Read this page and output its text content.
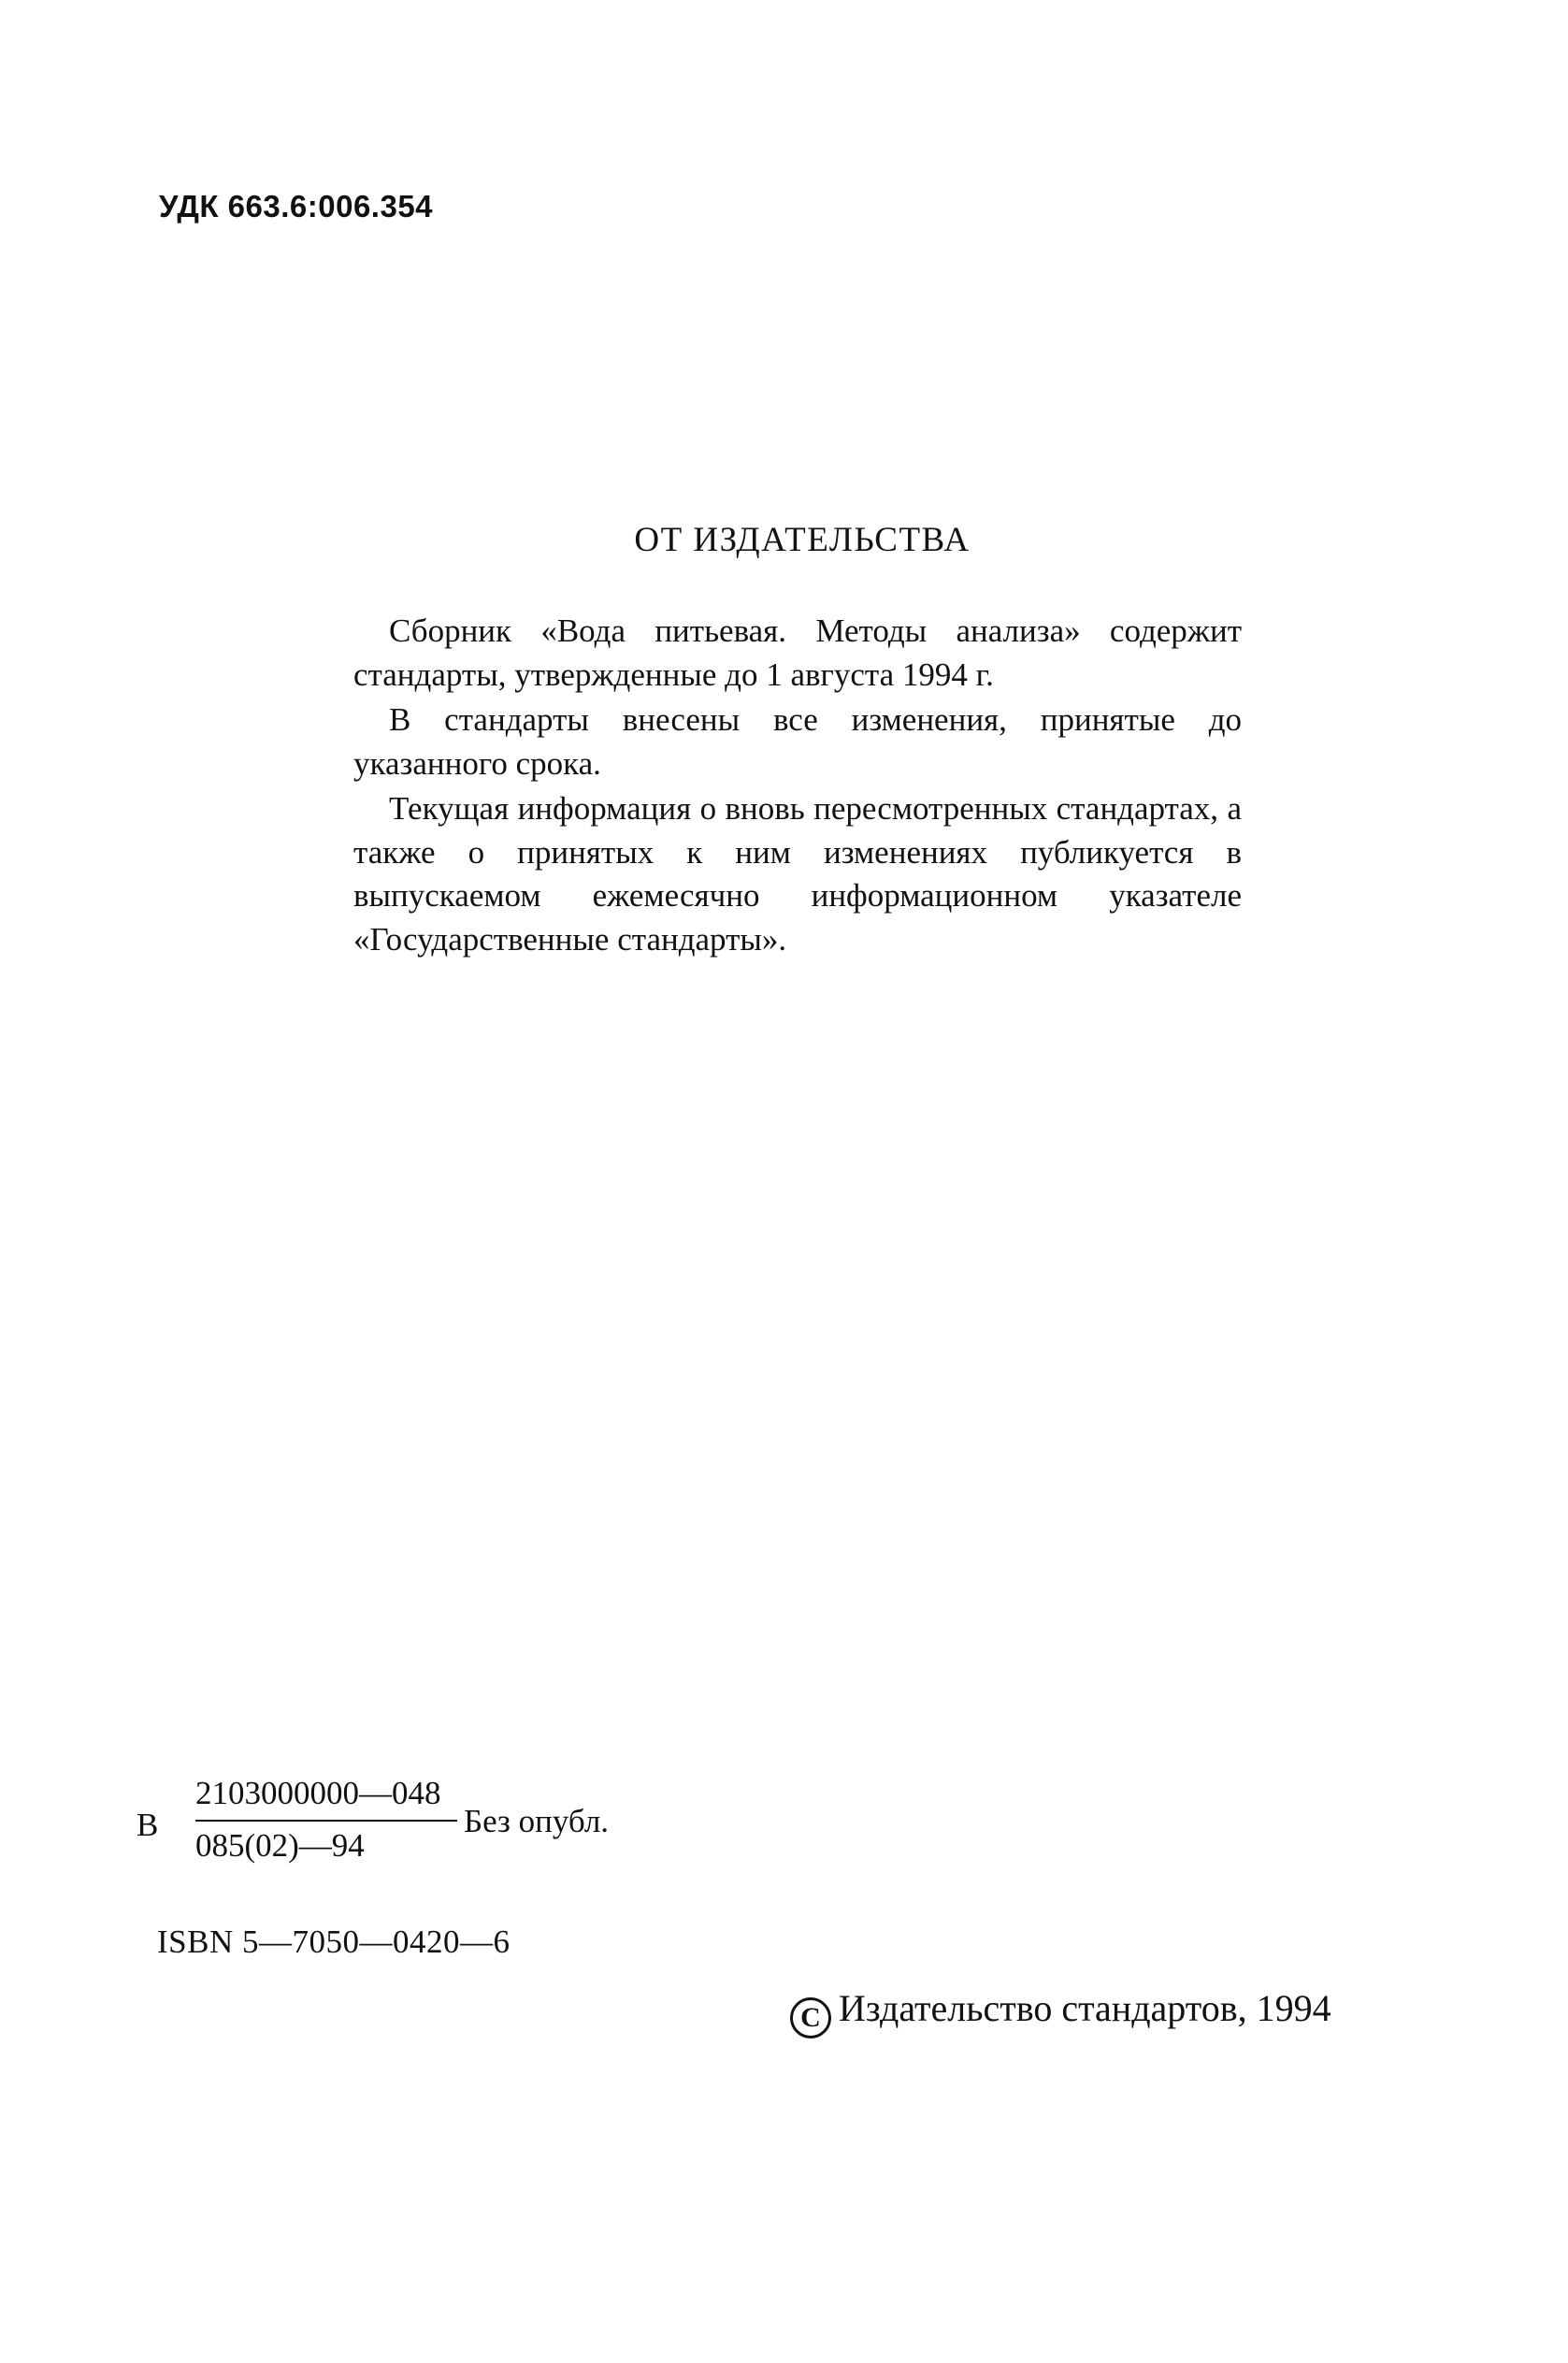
УДК 663.6:006.354
ОТ ИЗДАТЕЛЬСТВА

Сборник «Вода питьевая. Методы анализа» содержит стандарты, утвержденные до 1 августа 1994 г.

В стандарты внесены все изменения, принятые до указанного срока.

Текущая информация о вновь пересмотренных стандартах, а также о принятых к ним изменениях публикуется в выпускаемом ежемесячно информационном указателе «Государственные стандарты».

В
2103000000—048
085(02)—94
Без опубл.
ISBN 5—7050—0420—6
C Издательство стандартов, 1994
